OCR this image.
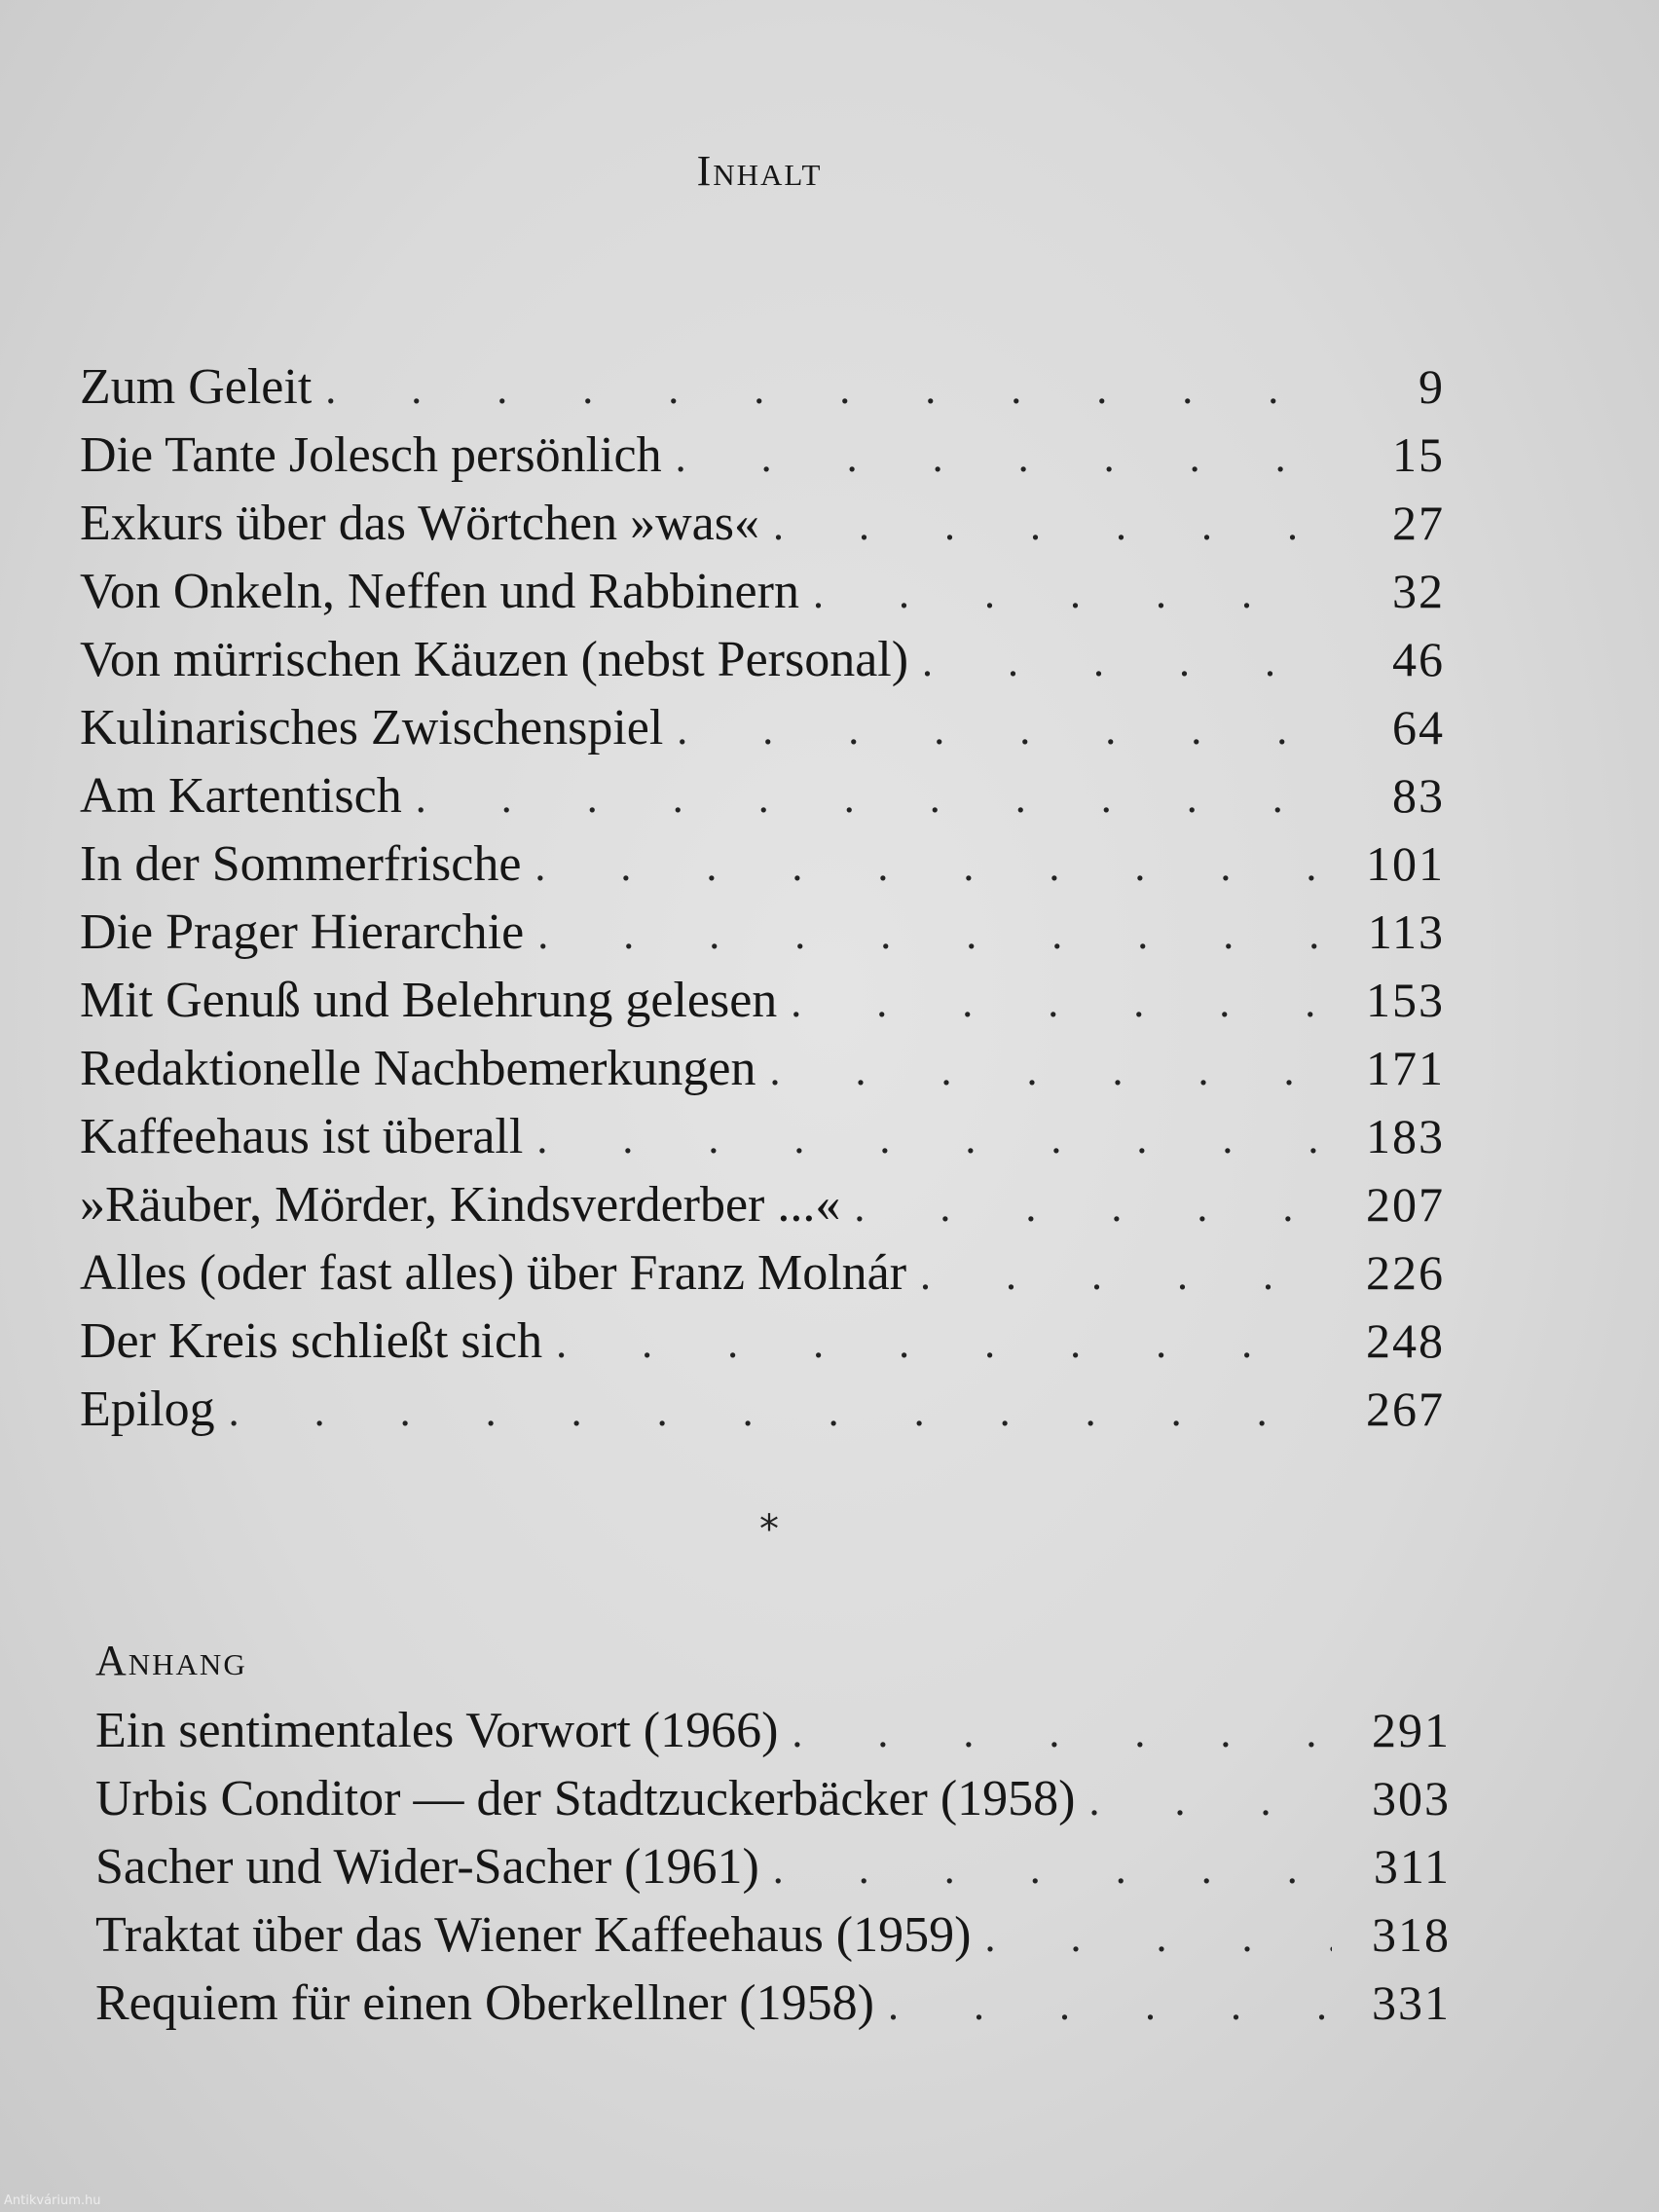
Inhalt
Zum Geleit .	9
Die Tante Jolesch persönlich .	15
Exkurs über das Wörtchen »was« .	27
Von Onkeln, Neffen und Rabbinern .	32
Von mürrischen Käuzen (nebst Personal) .	46
Kulinarisches Zwischenspiel .	64
Am Kartentisch .	83
In der Sommerfrische .	101
Die Prager Hierarchie .	113
Mit Genuß und Belehrung gelesen .	153
Redaktionelle Nachbemerkungen .	171
Kaffeehaus ist überall .	183
»Räuber, Mörder, Kindsverderber ...« .	207
Alles (oder fast alles) über Franz Molnár .	226
Der Kreis schließt sich .	248
Epilog .	267
*
Anhang
Ein sentimentales Vorwort (1966) .	291
Urbis Conditor — der Stadtzuckerbäcker (1958) .	303
Sacher und Wider-Sacher (1961) .	311
Traktat über das Wiener Kaffeehaus (1959) .	318
Requiem für einen Oberkellner (1958) .	331
Antikvárium.hu
